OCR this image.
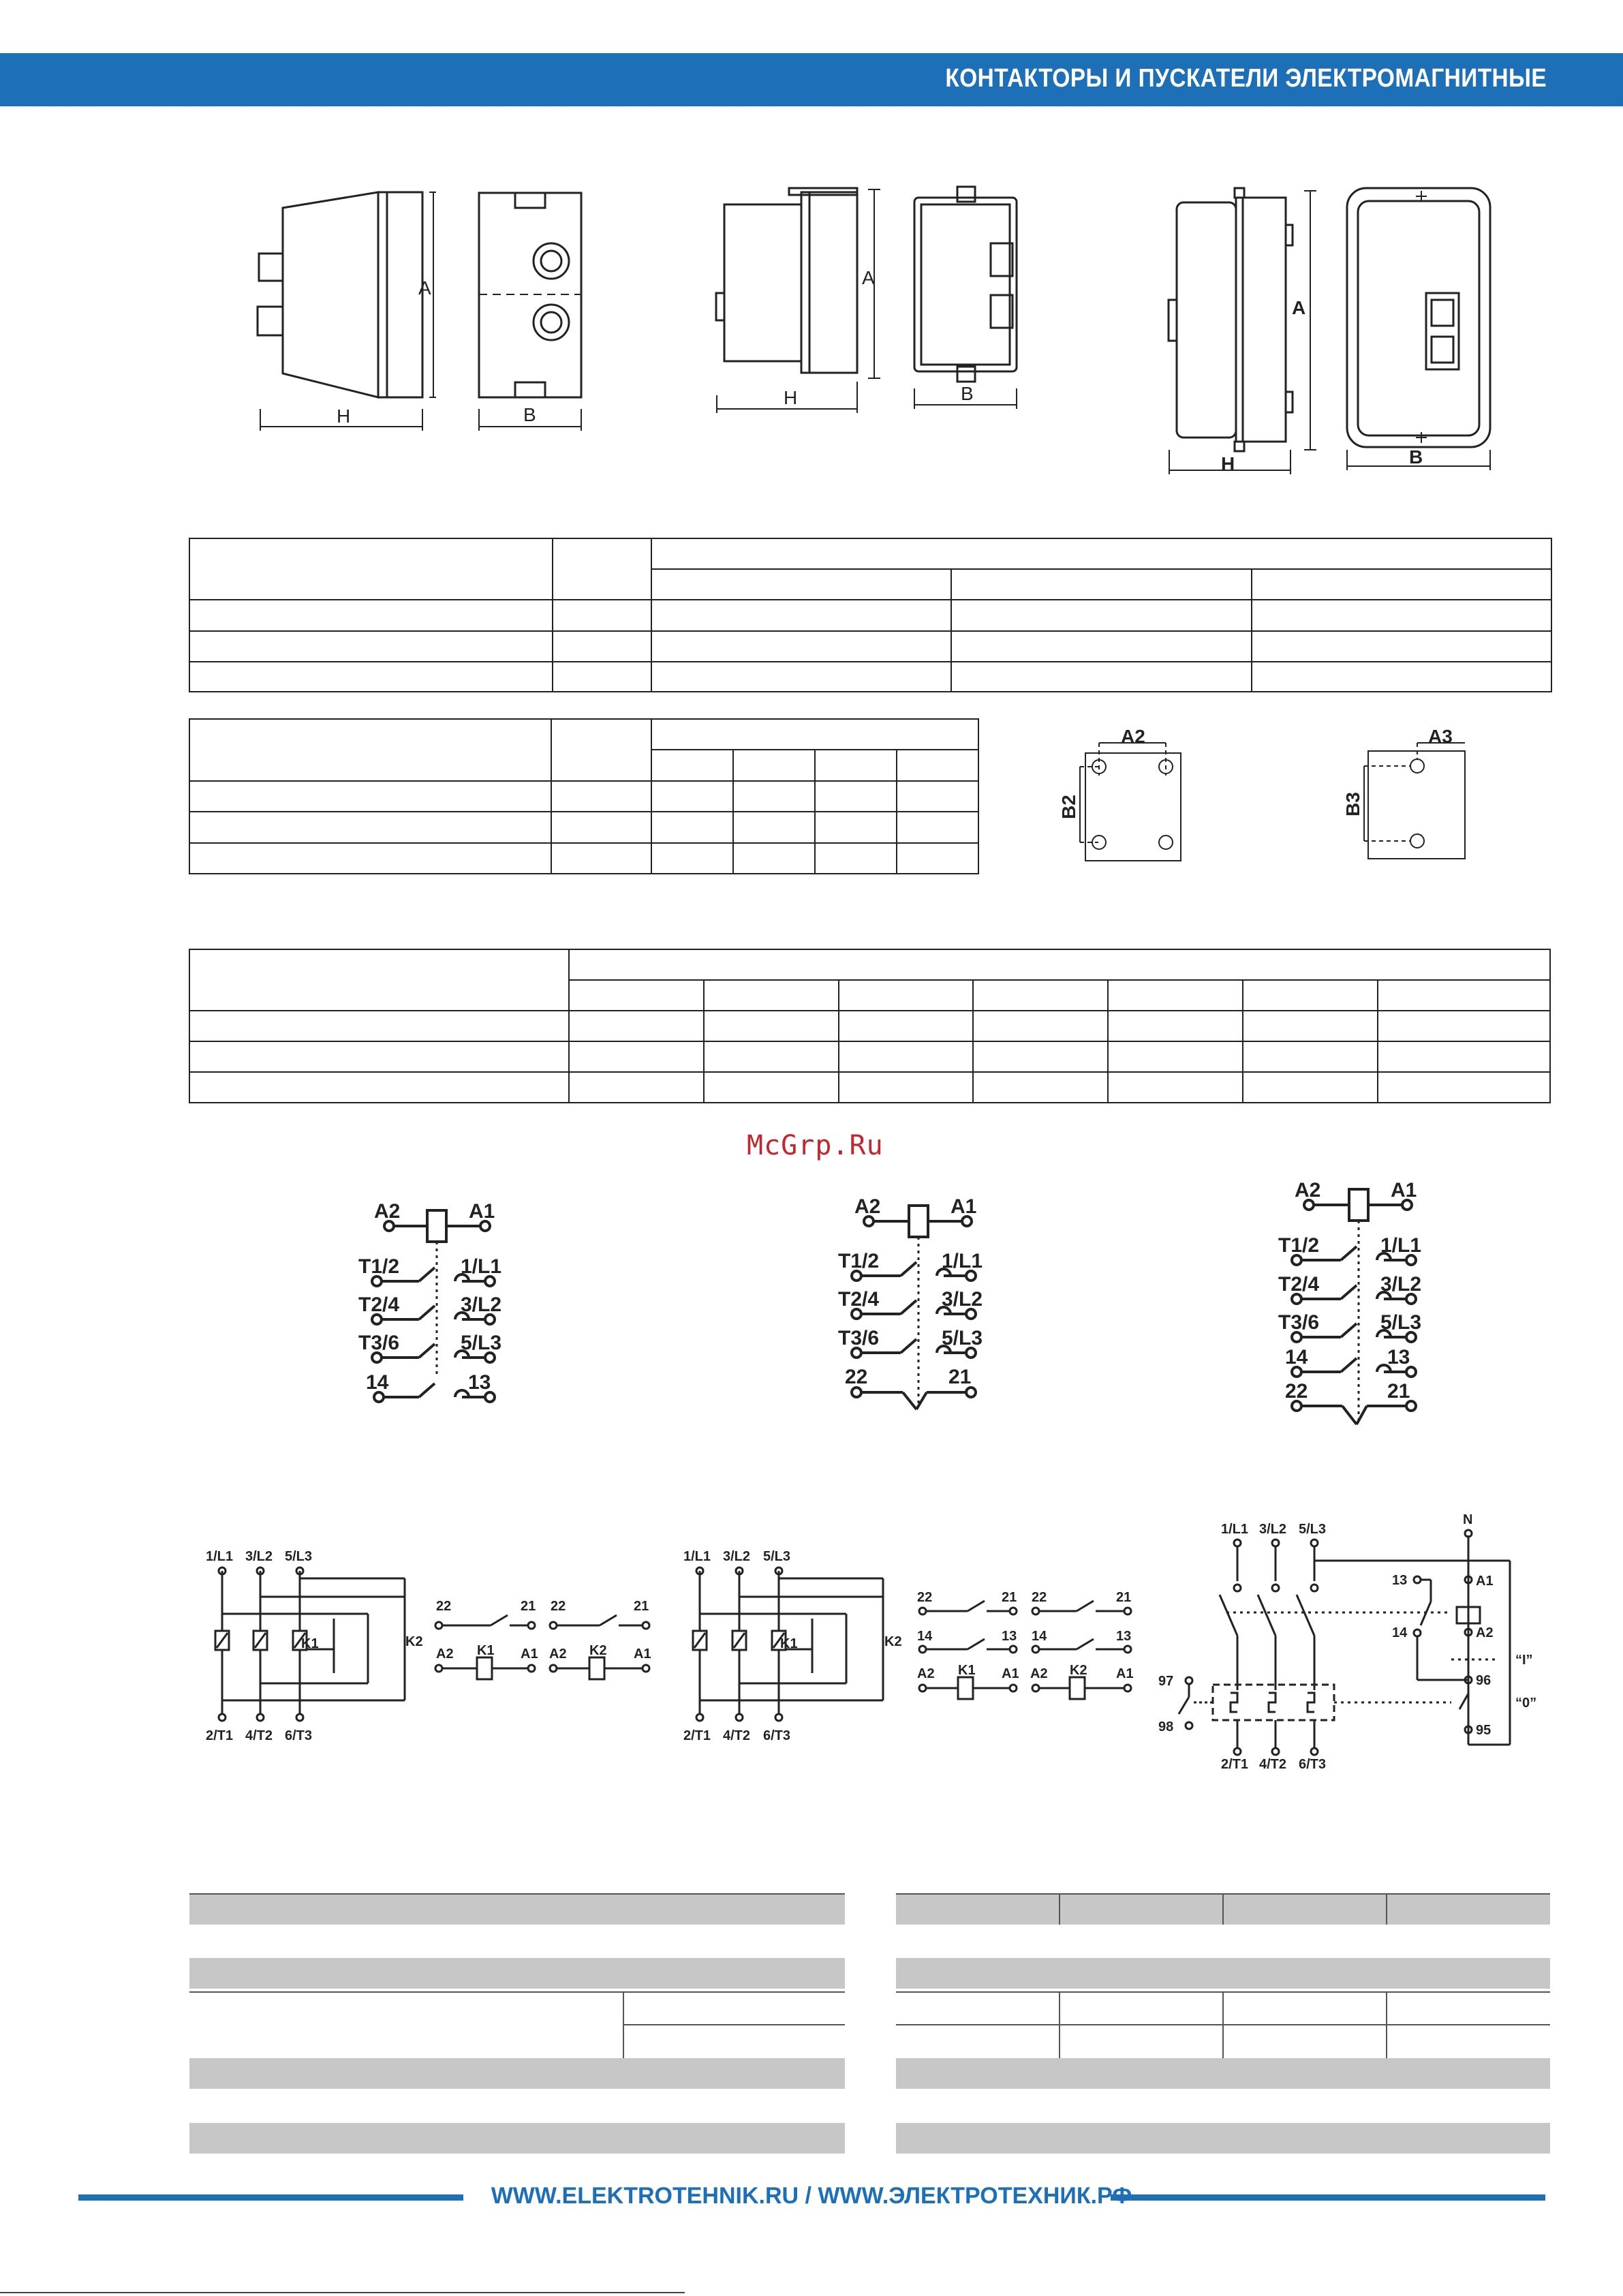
КОНТАКТОРЫ И ПУСКАТЕЛИ ЭЛЕКТРОМАГНИТНЫЕ
A
H	B
A
H	B
A
H	B
A2
B2
A3
B3
A2	A1
T1/2	1/L1
T2/4	3/L2
T3/6	5/L3
14	13
A2	A1
T1/2	1/L1
T2/4	3/L2
T3/6	5/L3
22	21
A2	A1
T1/2	1/L1
T2/4	3/L2
T3/6	5/L3
14	13
22	21
1/L1 3/L2 5/L3
2/T1 4/T2 6/T3
K1	K2
22	21 22	21
A2 K1 A1 A2 K2 A1
1/L1 3/L2 5/L3
2/T1 4/T2 6/T3
K1	K2
22	21 22	21
14	13 14	13
A2 K1 A1 A2 K2 A1
1/L1 3/L2 5/L3
2/T1 4/T2 6/T3
N
13
14
A1
A2
96
95
97
98
“I”
“0”
McGrp.Ru
WWW.ELEKTROTEHNIK.RU / WWW.ЭЛЕКТРОТЕХНИК.РФ
